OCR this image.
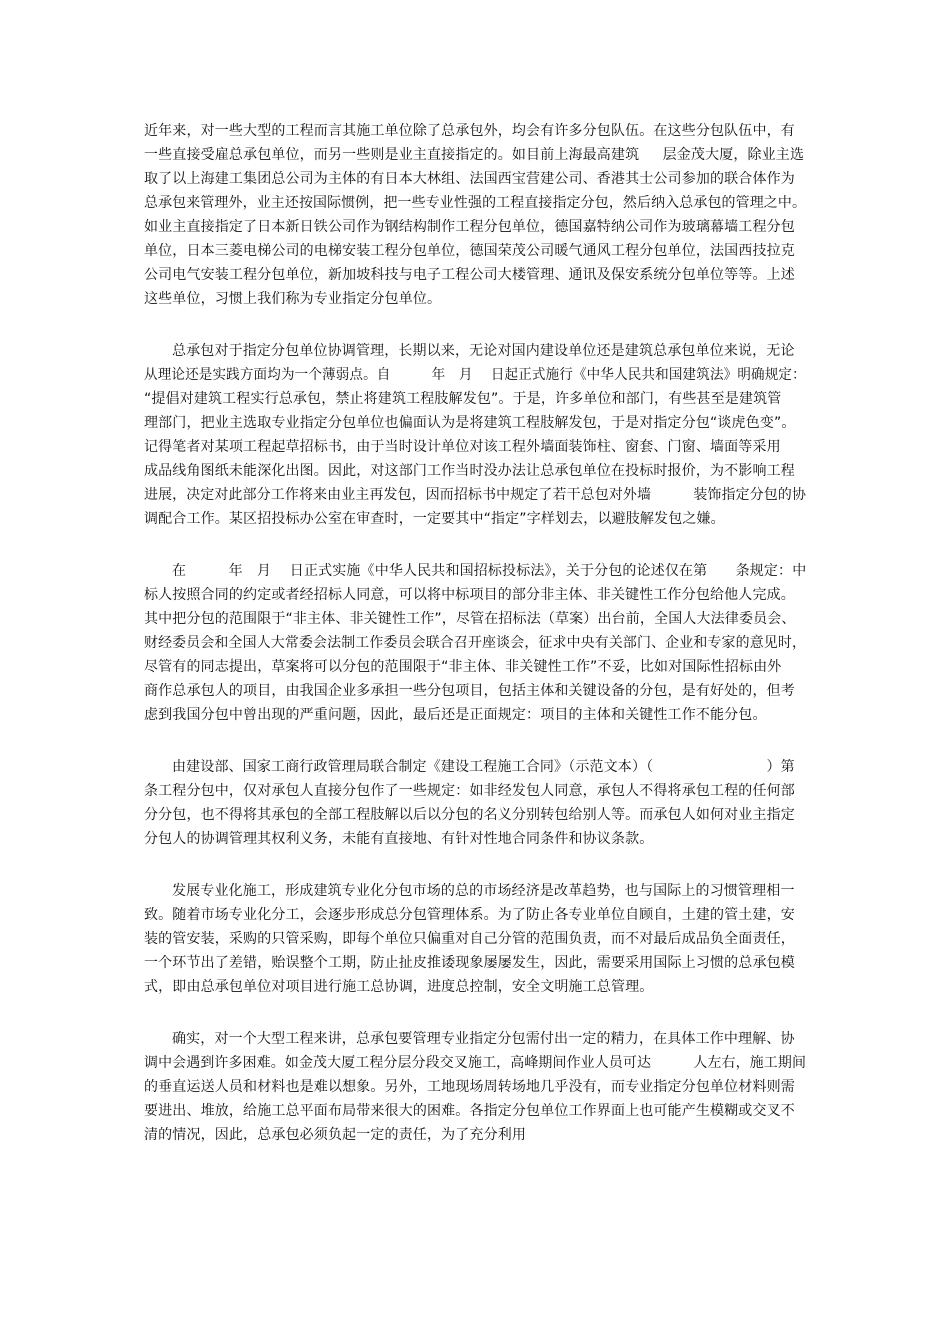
近年来，对一些大型的工程而言其施工单位除了总承包外，均会有许多分包队伍。在这些分包队伍中，有
一些直接受雇总承包单位，而另一些则是业主直接指定的。如目前上海最高建筑　  层金茂大厦，除业主选
取了以上海建工集团总公司为主体的有日本大林组、法国西宝营建公司、香港其士公司参加的联合体作为
总承包来管理外，业主还按国际惯例，把一些专业性强的工程直接指定分包，然后纳入总承包的管理之中。
如业主直接指定了日本新日铁公司作为钢结构制作工程分包单位，德国嘉特纳公司作为玻璃幕墙工程分包
单位，日本三菱电梯公司的电梯安装工程分包单位，德国荣茂公司暖气通风工程分包单位，法国西技拉克
公司电气安装工程分包单位，新加坡科技与电子工程公司大楼管理、通讯及保安系统分包单位等等。上述
这些单位，习惯上我们称为专业指定分包单位。
总承包对于指定分包单位协调管理，长期以来，无论对国内建设单位还是建筑总承包单位来说，无论
从理论还是实践方面均为一个薄弱点。自　　　年　月　 日起正式施行《中华人民共和国建筑法》明确规定：
“提倡对建筑工程实行总承包，禁止将建筑工程肢解发包”。于是，许多单位和部门，有些甚至是建筑管
理部门，把业主选取专业指定分包单位也偏面认为是将建筑工程肢解发包，于是对指定分包“谈虎色变”。
记得笔者对某项工程起草招标书，由于当时设计单位对该工程外墙面装饰柱、窗套、门窗、墙面等采用
成品线角图纸未能深化出图。因此，对这部门工作当时没办法让总承包单位在投标时报价，为不影响工程
进展，决定对此部分工作将来由业主再发包，因而招标书中规定了若干总包对外墙　　　装饰指定分包的协
调配合工作。某区招投标办公室在审查时，一定要其中“指定”字样划去，以避肢解发包之嫌。
在　　　年　月　 日正式实施《中华人民共和国招标投标法》，关于分包的论述仅在第　　条规定：中
标人按照合同的约定或者经招标人同意，可以将中标项目的部分非主体、非关键性工作分包给他人完成。
其中把分包的范围限于“非主体、非关键性工作”，尽管在招标法（草案）出台前，全国人大法律委员会、
财经委员会和全国人大常委会法制工作委员会联合召开座谈会，征求中央有关部门、企业和专家的意见时，
尽管有的同志提出，草案将可以分包的范围限于“非主体、非关键性工作”不妥，比如对国际性招标由外
商作总承包人的项目，由我国企业多承担一些分包项目，包括主体和关键设备的分包，是有好处的，但考
虑到我国分包中曾出现的严重问题，因此，最后还是正面规定：项目的主体和关键性工作不能分包。
由建设部、国家工商行政管理局联合制定《建设工程施工合同》（示范文本）（　　　　　　　　）第
条工程分包中，仅对承包人直接分包作了一些规定：如非经发包人同意，承包人不得将承包工程的任何部
分分包，也不得将其承包的全部工程肢解以后以分包的名义分别转包给别人等。而承包人如何对业主指定
分包人的协调管理其权利义务，未能有直接地、有针对性地合同条件和协议条款。
发展专业化施工，形成建筑专业化分包市场的总的市场经济是改革趋势，也与国际上的习惯管理相一
致。随着市场专业化分工，会逐步形成总分包管理体系。为了防止各专业单位自顾自，土建的管土建，安
装的管安装，采购的只管采购，即每个单位只偏重对自己分管的范围负责，而不对最后成品负全面责任，
一个环节出了差错，贻误整个工期，防止扯皮推诿现象屡屡发生，因此，需要采用国际上习惯的总承包模
式，即由总承包单位对项目进行施工总协调，进度总控制，安全文明施工总管理。
确实，对一个大型工程来讲，总承包要管理专业指定分包需付出一定的精力，在具体工作中理解、协
调中会遇到许多困难。如金茂大厦工程分层分段交叉施工，高峰期间作业人员可达　　　人左右，施工期间
的垂直运送人员和材料也是难以想象。另外，工地现场周转场地几乎没有，而专业指定分包单位材料则需
要进出、堆放，给施工总平面布局带来很大的困难。各指定分包单位工作界面上也可能产生模糊或交叉不
清的情况，因此，总承包必须负起一定的责任，为了充分利用
